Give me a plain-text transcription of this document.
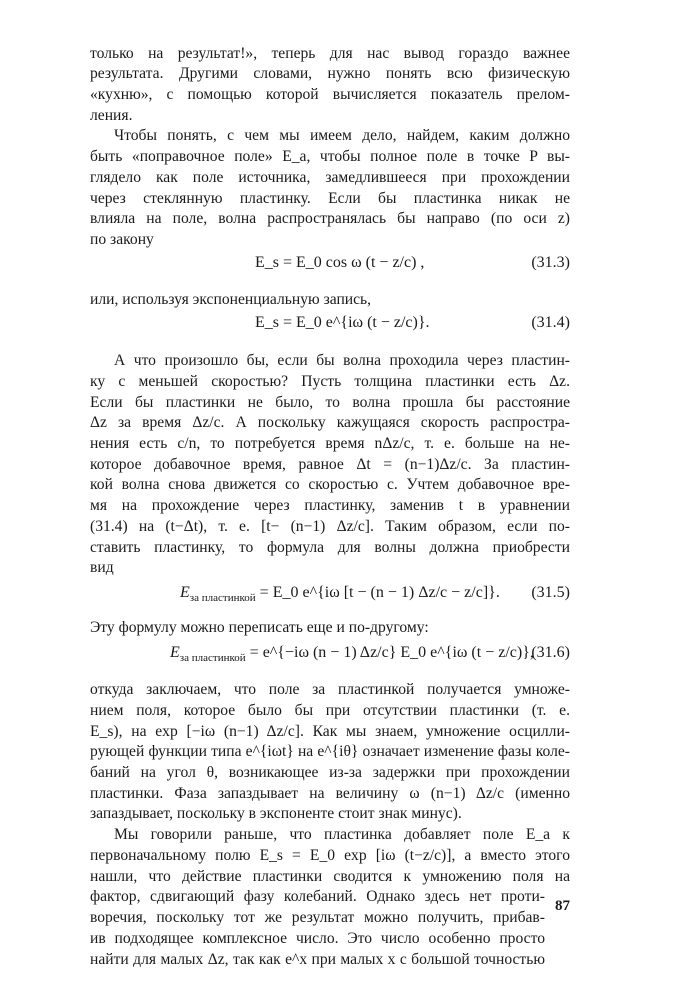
только на результат!», теперь для нас вывод гораздо важнее
результата. Другими словами, нужно понять всю физическую
«кухню», с помощью которой вычисляется показатель прелом-
ления.
Чтобы понять, с чем мы имеем дело, найдем, каким должно
быть «поправочное поле» E_a, чтобы полное поле в точке P вы-
глядело как поле источника, замедлившееся при прохождении
через стеклянную пластинку. Если бы пластинка никак не
влияла на поле, волна распространялась бы направо (по оси z)
по закону
E_s = E_0 cos ω (t − z/c) ,	(31.3)
или, используя экспоненциальную запись,
E_s = E_0 e^{iω (t − z/c)}.	(31.4)
А что произошло бы, если бы волна проходила через пластин-
ку с меньшей скоростью? Пусть толщина пластинки есть Δz.
Если бы пластинки не было, то волна прошла бы расстояние
Δz за время Δz/c. А поскольку кажущаяся скорость распростра-
нения есть c/n, то потребуется время nΔz/c, т. е. больше на не-
которое добавочное время, равное Δt = (n−1)Δz/c. За пластин-
кой волна снова движется со скоростью c. Учтем добавочное вре-
мя на прохождение через пластинку, заменив t в уравнении
(31.4) на (t−Δt), т. е. [t− (n−1) Δz/c]. Таким образом, если по-
ставить пластинку, то формула для волны должна приобрести
вид
$E_{за пластинкой}$ = E_0 e^{iω [t − (n − 1) Δz/c − z/c]}. (31.5)
Эту формулу можно переписать еще и по-другому:
$E_{за пластинкой}$ = e^{−iω (n − 1) Δz/c} E_0 e^{iω (t − z/c)},
(31.6)
откуда заключаем, что поле за пластинкой получается умноже-
нием поля, которое было бы при отсутствии пластинки (т. е.
E_s), на exp [−iω (n−1) Δz/c]. Как мы знаем, умножение осцилли-
рующей функции типа e^{iωt} на e^{iθ} означает изменение фазы коле-
баний на угол θ, возникающее из-за задержки при прохождении
пластинки. Фаза запаздывает на величину ω (n−1) Δz/c (именно
запаздывает, поскольку в экспоненте стоит знак минус).
Мы говорили раньше, что пластинка добавляет поле E_a к
первоначальному полю E_s = E_0 exp [iω (t−z/c)], а вместо этого
нашли, что действие пластинки сводится к умножению поля на
фактор, сдвигающий фазу колебаний. Однако здесь нет проти-
воречия, поскольку тот же результат можно получить, прибав-
ив подходящее комплексное число. Это число особенно просто
найти для малых Δz, так как e^x при малых x с большой точностью
87
